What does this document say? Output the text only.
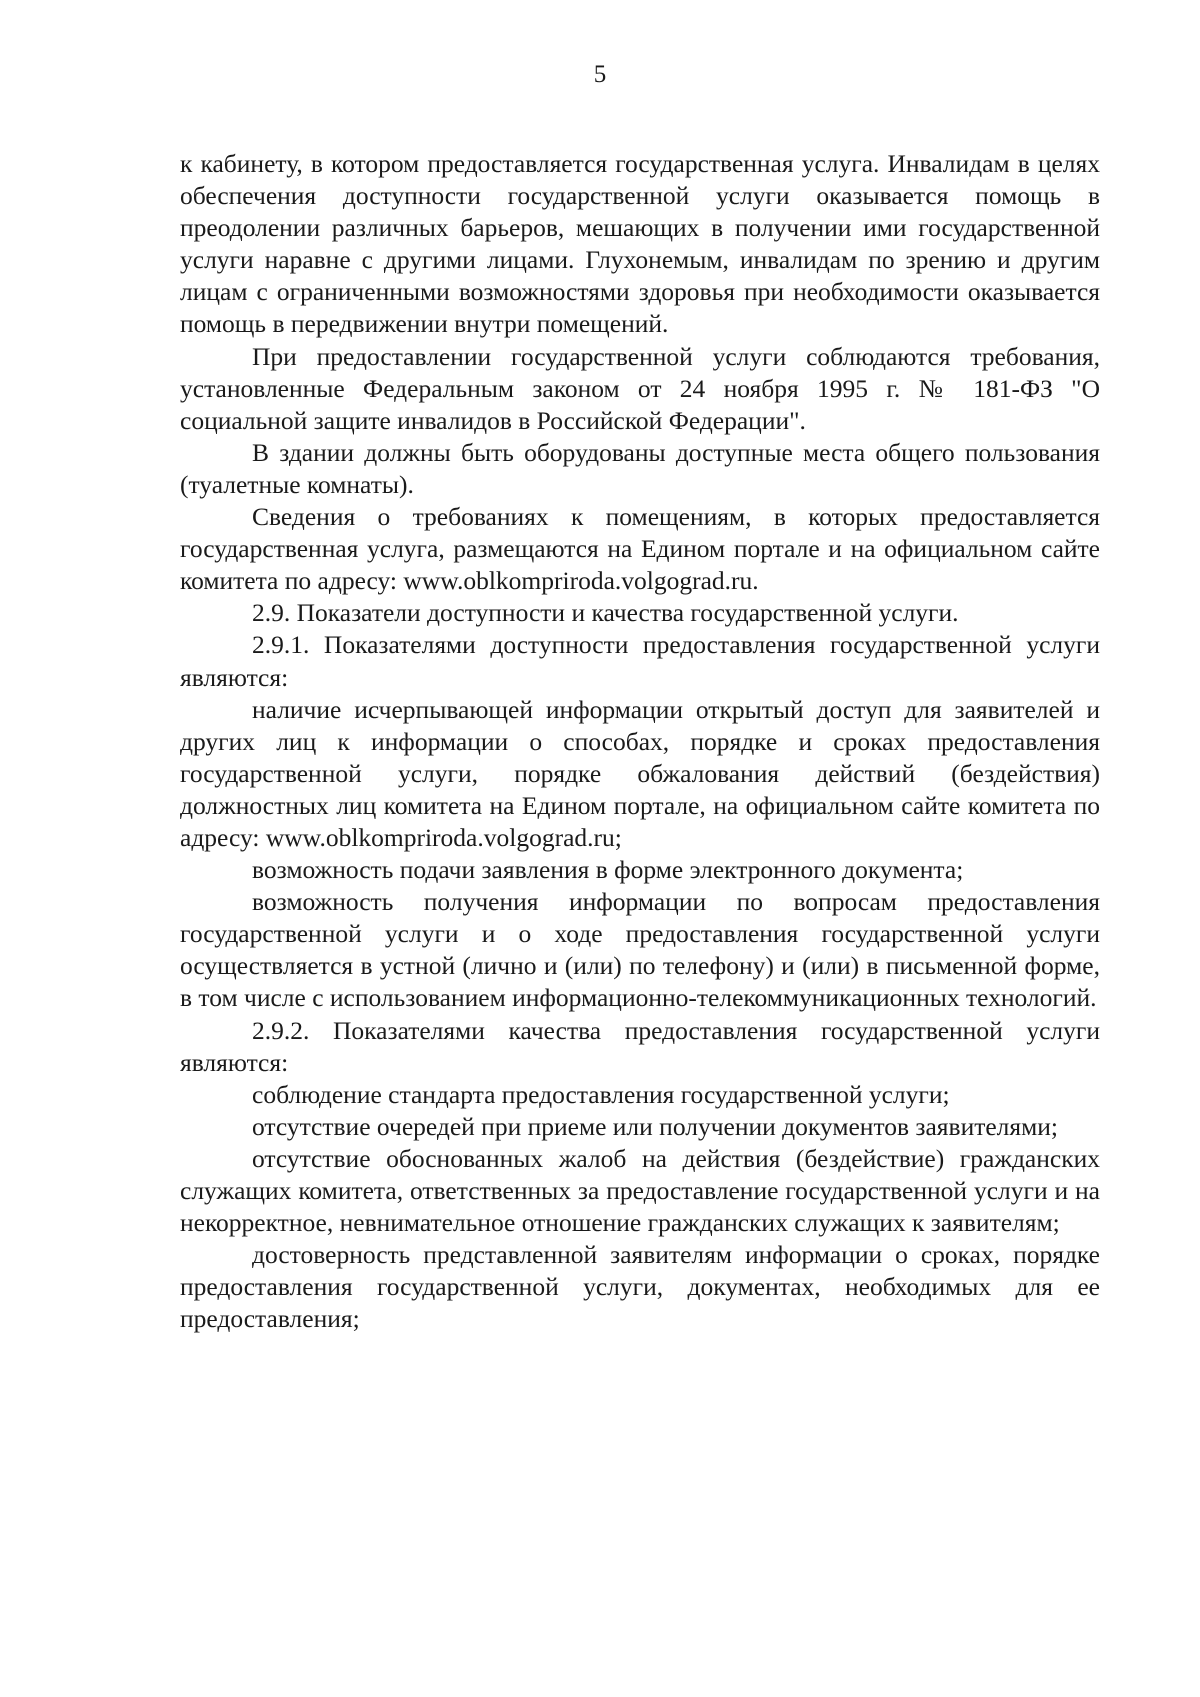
5

к кабинету, в котором предоставляется государственная услуга. Инвалидам в целях обеспечения доступности государственной услуги оказывается помощь в преодолении различных барьеров, мешающих в получении ими государственной услуги наравне с другими лицами. Глухонемым, инвалидам по зрению и другим лицам с ограниченными возможностями здоровья при необходимости оказывается помощь в передвижении внутри помещений.

При предоставлении государственной услуги соблюдаются требования, установленные Федеральным законом от 24 ноября 1995 г. № 181-ФЗ "О социальной защите инвалидов в Российской Федерации".

В здании должны быть оборудованы доступные места общего пользования (туалетные комнаты).

Сведения о требованиях к помещениям, в которых предоставляется государственная услуга, размещаются на Едином портале и на официальном сайте комитета по адресу: www.oblkompriroda.volgograd.ru.

2.9. Показатели доступности и качества государственной услуги.

2.9.1. Показателями доступности предоставления государственной услуги являются:

наличие исчерпывающей информации открытый доступ для заявителей и других лиц к информации о способах, порядке и сроках предоставления государственной услуги, порядке обжалования действий (бездействия) должностных лиц комитета на Едином портале, на официальном сайте комитета по адресу: www.oblkompriroda.volgograd.ru;

возможность подачи заявления в форме электронного документа;

возможность получения информации по вопросам предоставления государственной услуги и о ходе предоставления государственной услуги осуществляется в устной (лично и (или) по телефону) и (или) в письменной форме, в том числе с использованием информационно-телекоммуникационных технологий.

2.9.2. Показателями качества предоставления государственной услуги являются:

соблюдение стандарта предоставления государственной услуги;

отсутствие очередей при приеме или получении документов заявителями;

отсутствие обоснованных жалоб на действия (бездействие) гражданских служащих комитета, ответственных за предоставление государственной услуги и на некорректное, невнимательное отношение гражданских служащих к заявителям;

достоверность представленной заявителям информации о сроках, порядке предоставления государственной услуги, документах, необходимых для ее предоставления;
